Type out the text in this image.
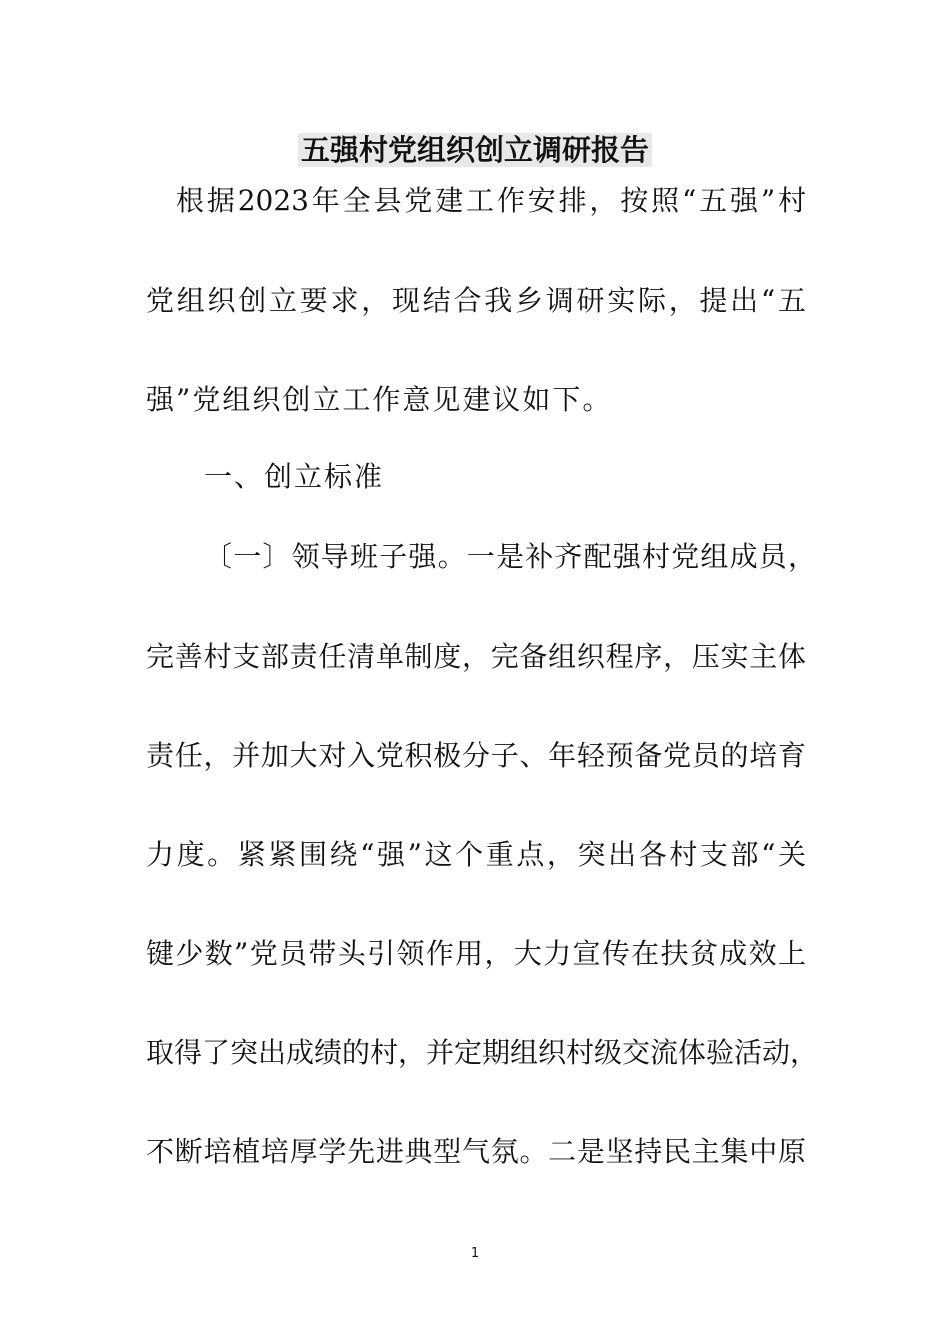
五强村党组织创立调研报告
根据2023年全县党建工作安排，按照“五强”村
党组织创立要求，现结合我乡调研实际，提出“五
强”党组织创立工作意见建议如下。
一、创立标准
〔一〕领导班子强。一是补齐配强村党组成员，
完善村支部责任清单制度，完备组织程序，压实主体
责任，并加大对入党积极分子、年轻预备党员的培育
力度。紧紧围绕“强”这个重点，突出各村支部“关
键少数”党员带头引领作用，大力宣传在扶贫成效上
取得了突出成绩的村，并定期组织村级交流体验活动，
不断培植培厚学先进典型气氛。二是坚持民主集中原
1
